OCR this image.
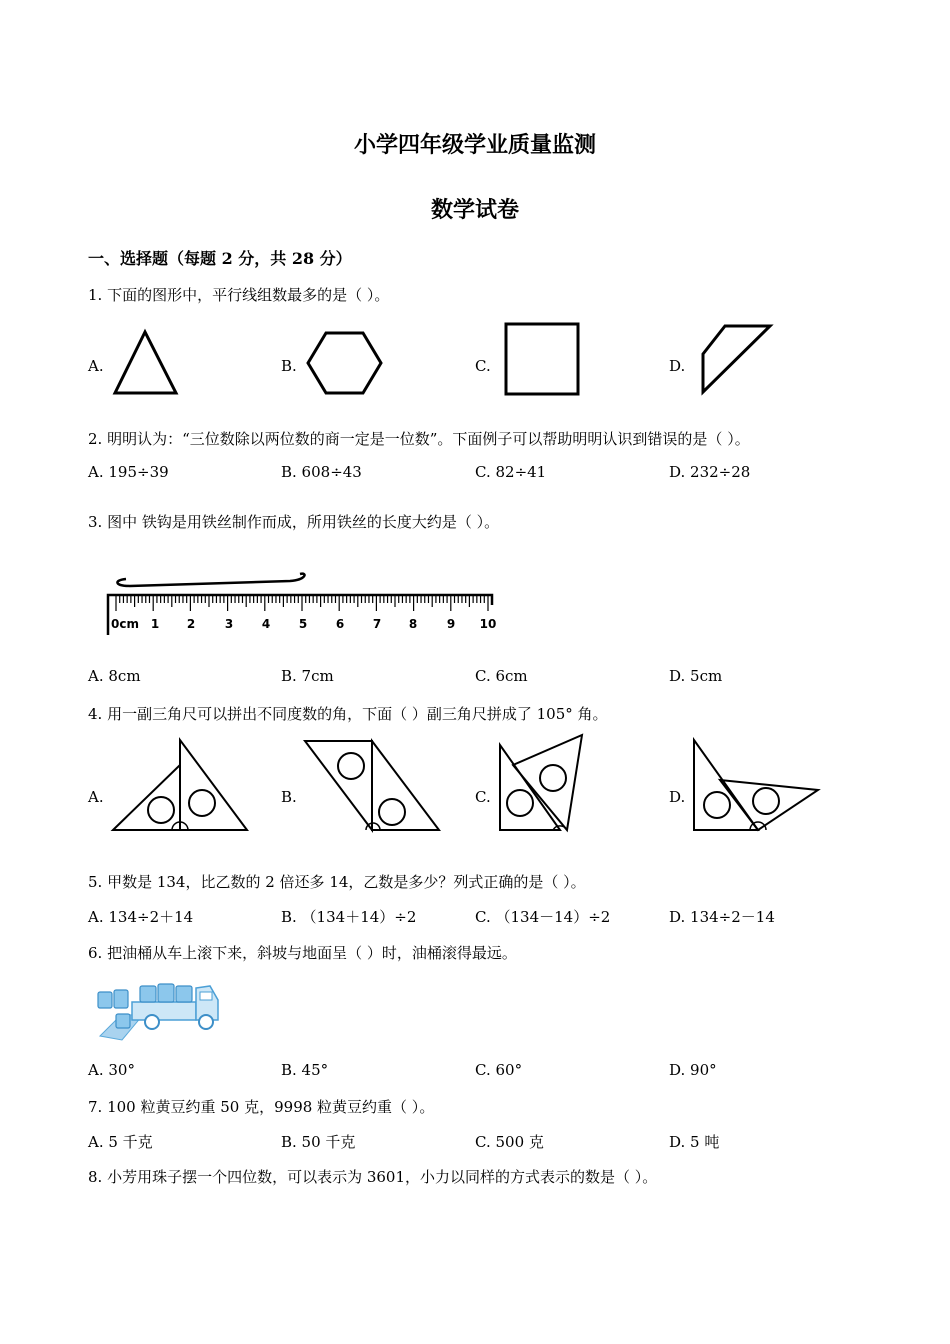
小学四年级学业质量监测
数学试卷
一、选择题（每题 2 分，共 28 分）
1. 下面的图形中，平行线组数最多的是（ ）。
A.	B.	C.	D.
2. 明明认为：“三位数除以两位数的商一定是一位数”。下面例子可以帮助明明认识到错误的是（ ）。
A. 195÷39	B. 608÷43	C. 82÷41	D. 232÷28
3. 图中 铁钩是用铁丝制作而成，所用铁丝的长度大约是（ ）。
0cm 1 2 3 4 5 6 7 8 9 10
A. 8cm	B. 7cm	C. 6cm	D. 5cm
4. 用一副三角尺可以拼出不同度数的角，下面（ ）副三角尺拼成了 105° 角。
A.	B.	C.	D.
5. 甲数是 134，比乙数的 2 倍还多 14，乙数是多少？列式正确的是（ ）。
A. 134÷2＋14	B. （134＋14）÷2	C. （134－14）÷2	D. 134÷2－14
6. 把油桶从车上滚下来，斜坡与地面呈（ ）时，油桶滚得最远。
A. 30°	B. 45°	C. 60°	D. 90°
7. 100 粒黄豆约重 50 克，9998 粒黄豆约重（ ）。
A. 5 千克	B. 50 千克	C. 500 克	D. 5 吨
8. 小芳用珠子摆一个四位数，可以表示为 3601，小力以同样的方式表示的数是（ ）。
